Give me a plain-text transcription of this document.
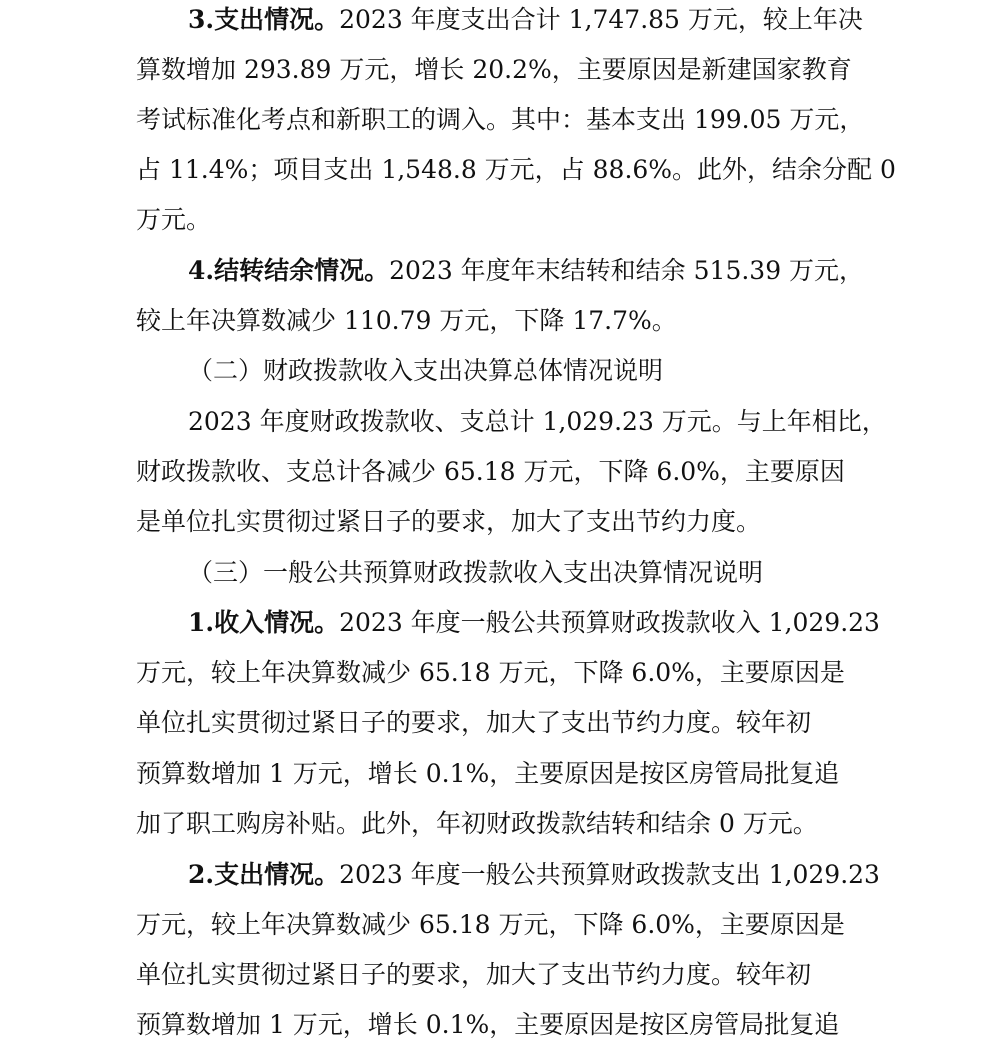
3.支出情况。2023 年度支出合计 1,747.85 万元，较上年决
算数增加 293.89 万元，增长 20.2%，主要原因是新建国家教育
考试标准化考点和新职工的调入。其中：基本支出 199.05 万元，
占 11.4%；项目支出 1,548.8 万元，占 88.6%。此外，结余分配 0
万元。
4.结转结余情况。2023 年度年末结转和结余 515.39 万元，
较上年决算数减少 110.79 万元，下降 17.7%。
（二）财政拨款收入支出决算总体情况说明
2023 年度财政拨款收、支总计 1,029.23 万元。与上年相比，
财政拨款收、支总计各减少 65.18 万元，下降 6.0%，主要原因
是单位扎实贯彻过紧日子的要求，加大了支出节约力度。
（三）一般公共预算财政拨款收入支出决算情况说明
1.收入情况。2023 年度一般公共预算财政拨款收入 1,029.23
万元，较上年决算数减少 65.18 万元，下降 6.0%，主要原因是
单位扎实贯彻过紧日子的要求，加大了支出节约力度。较年初
预算数增加 1 万元，增长 0.1%，主要原因是按区房管局批复追
加了职工购房补贴。此外，年初财政拨款结转和结余 0 万元。
2.支出情况。2023 年度一般公共预算财政拨款支出 1,029.23
万元，较上年决算数减少 65.18 万元，下降 6.0%，主要原因是
单位扎实贯彻过紧日子的要求，加大了支出节约力度。较年初
预算数增加 1 万元，增长 0.1%，主要原因是按区房管局批复追
